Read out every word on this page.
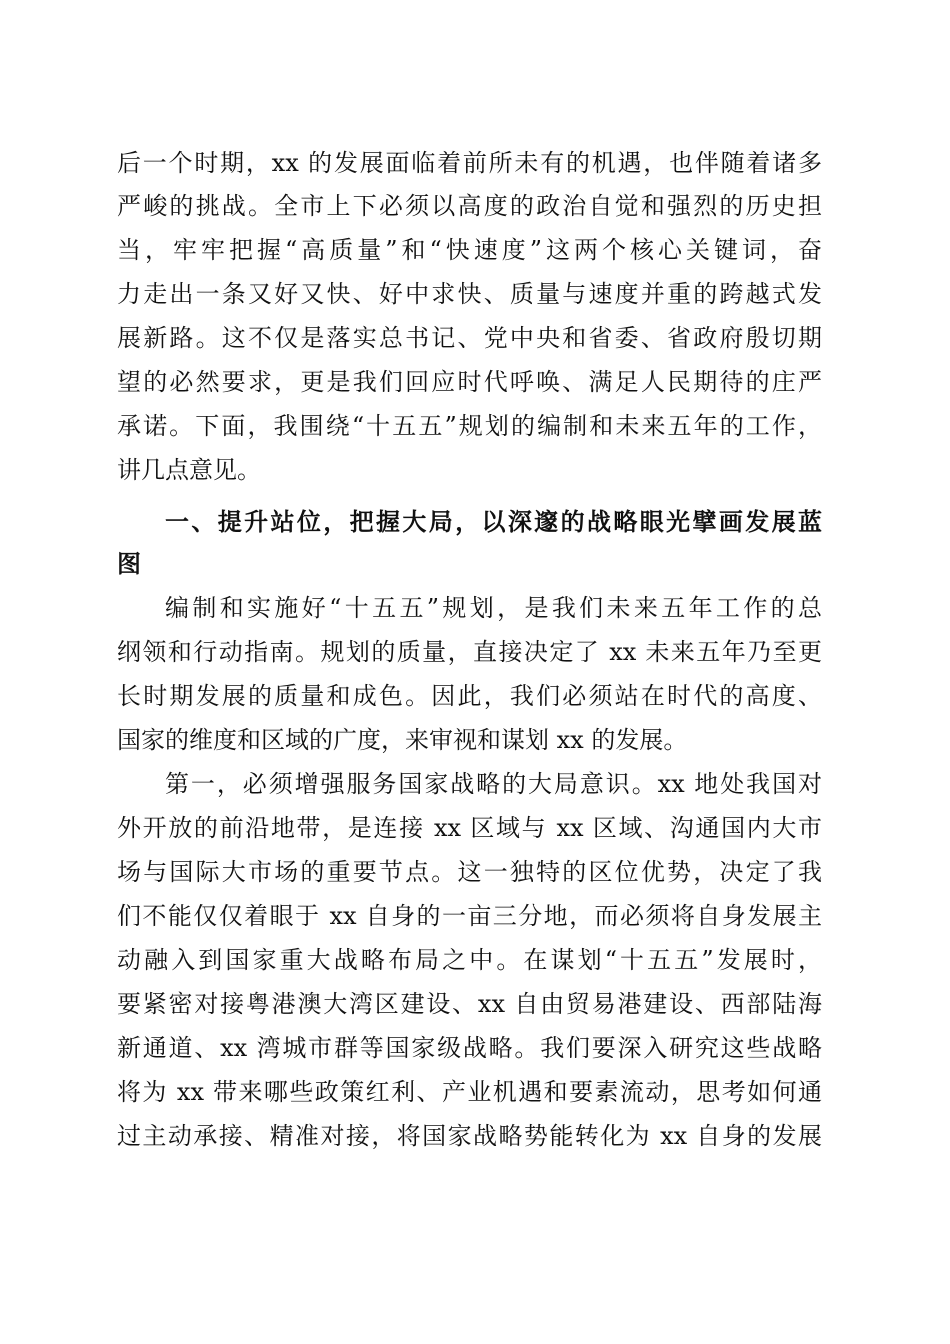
后一个时期，xx 的发展面临着前所未有的机遇，也伴随着诸多
严峻的挑战。全市上下必须以高度的政治自觉和强烈的历史担
当，牢牢把握“高质量”和“快速度”这两个核心关键词，奋
力走出一条又好又快、好中求快、质量与速度并重的跨越式发
展新路。这不仅是落实总书记、党中央和省委、省政府殷切期
望的必然要求，更是我们回应时代呼唤、满足人民期待的庄严
承诺。下面，我围绕“十五五”规划的编制和未来五年的工作，
讲几点意见。
一、提升站位，把握大局，以深邃的战略眼光擘画发展蓝
图
编制和实施好“十五五”规划，是我们未来五年工作的总
纲领和行动指南。规划的质量，直接决定了 xx 未来五年乃至更
长时期发展的质量和成色。因此，我们必须站在时代的高度、
国家的维度和区域的广度，来审视和谋划 xx 的发展。
第一，必须增强服务国家战略的大局意识。xx 地处我国对
外开放的前沿地带，是连接 xx 区域与 xx 区域、沟通国内大市
场与国际大市场的重要节点。这一独特的区位优势，决定了我
们不能仅仅着眼于 xx 自身的一亩三分地，而必须将自身发展主
动融入到国家重大战略布局之中。在谋划“十五五”发展时，
要紧密对接粤港澳大湾区建设、xx 自由贸易港建设、西部陆海
新通道、xx 湾城市群等国家级战略。我们要深入研究这些战略
将为 xx 带来哪些政策红利、产业机遇和要素流动，思考如何通
过主动承接、精准对接，将国家战略势能转化为 xx 自身的发展
